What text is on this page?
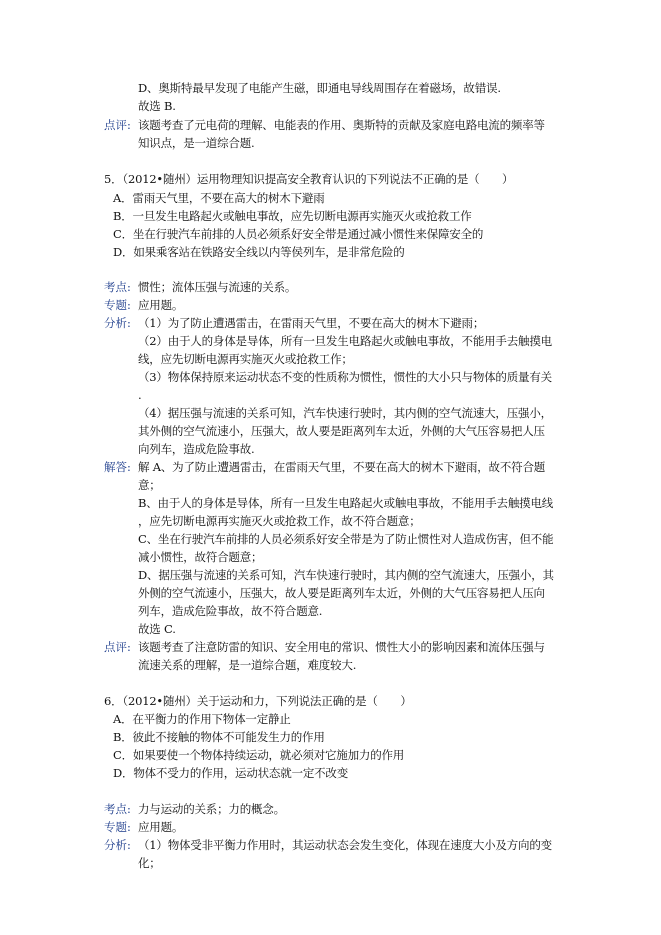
D、奥斯特最早发现了电能产生磁，即通电导线周围存在着磁场，故错误.
故选 B.
点评: 该题考查了元电荷的理解、电能表的作用、奥斯特的贡献及家庭电路电流的频率等
知识点，是一道综合题.
5．（2012•随州）运用物理知识提高安全教育认识的下列说法不正确的是（　　）
A．雷雨天气里，不要在高大的树木下避雨
B．一旦发生电路起火或触电事故，应先切断电源再实施灭火或抢救工作
C．坐在行驶汽车前排的人员必须系好安全带是通过减小惯性来保障安全的
D．如果乘客站在铁路安全线以内等侯列车，是非常危险的
考点: 惯性；流体压强与流速的关系。
专题: 应用题。
分析: （1）为了防止遭遇雷击，在雷雨天气里，不要在高大的树木下避雨；
（2）由于人的身体是导体，所有一旦发生电路起火或触电事故，不能用手去触摸电
线，应先切断电源再实施灭火或抢救工作；
（3）物体保持原来运动状态不变的性质称为惯性，惯性的大小只与物体的质量有关
.
（4）据压强与流速的关系可知，汽车快速行驶时，其内侧的空气流速大，压强小，
其外侧的空气流速小，压强大，故人要是距离列车太近，外侧的大气压容易把人压
向列车，造成危险事故.
解答: 解 A、为了防止遭遇雷击，在雷雨天气里，不要在高大的树木下避雨，故不符合题
意；
B、由于人的身体是导体，所有一旦发生电路起火或触电事故，不能用手去触摸电线
，应先切断电源再实施灭火或抢救工作，故不符合题意；
C、坐在行驶汽车前排的人员必须系好安全带是为了防止惯性对人造成伤害，但不能
减小惯性，故符合题意；
D、据压强与流速的关系可知，汽车快速行驶时，其内侧的空气流速大，压强小，其
外侧的空气流速小，压强大，故人要是距离列车太近，外侧的大气压容易把人压向
列车，造成危险事故，故不符合题意.
故选 C.
点评: 该题考查了注意防雷的知识、安全用电的常识、惯性大小的影响因素和流体压强与
流速关系的理解，是一道综合题，难度较大.
6．（2012•随州）关于运动和力，下列说法正确的是（　　）
A．在平衡力的作用下物体一定静止
B．彼此不接触的物体不可能发生力的作用
C．如果要使一个物体持续运动，就必须对它施加力的作用
D．物体不受力的作用，运动状态就一定不改变
考点: 力与运动的关系；力的概念。
专题: 应用题。
分析: （1）物体受非平衡力作用时，其运动状态会发生变化，体现在速度大小及方向的变
化；
